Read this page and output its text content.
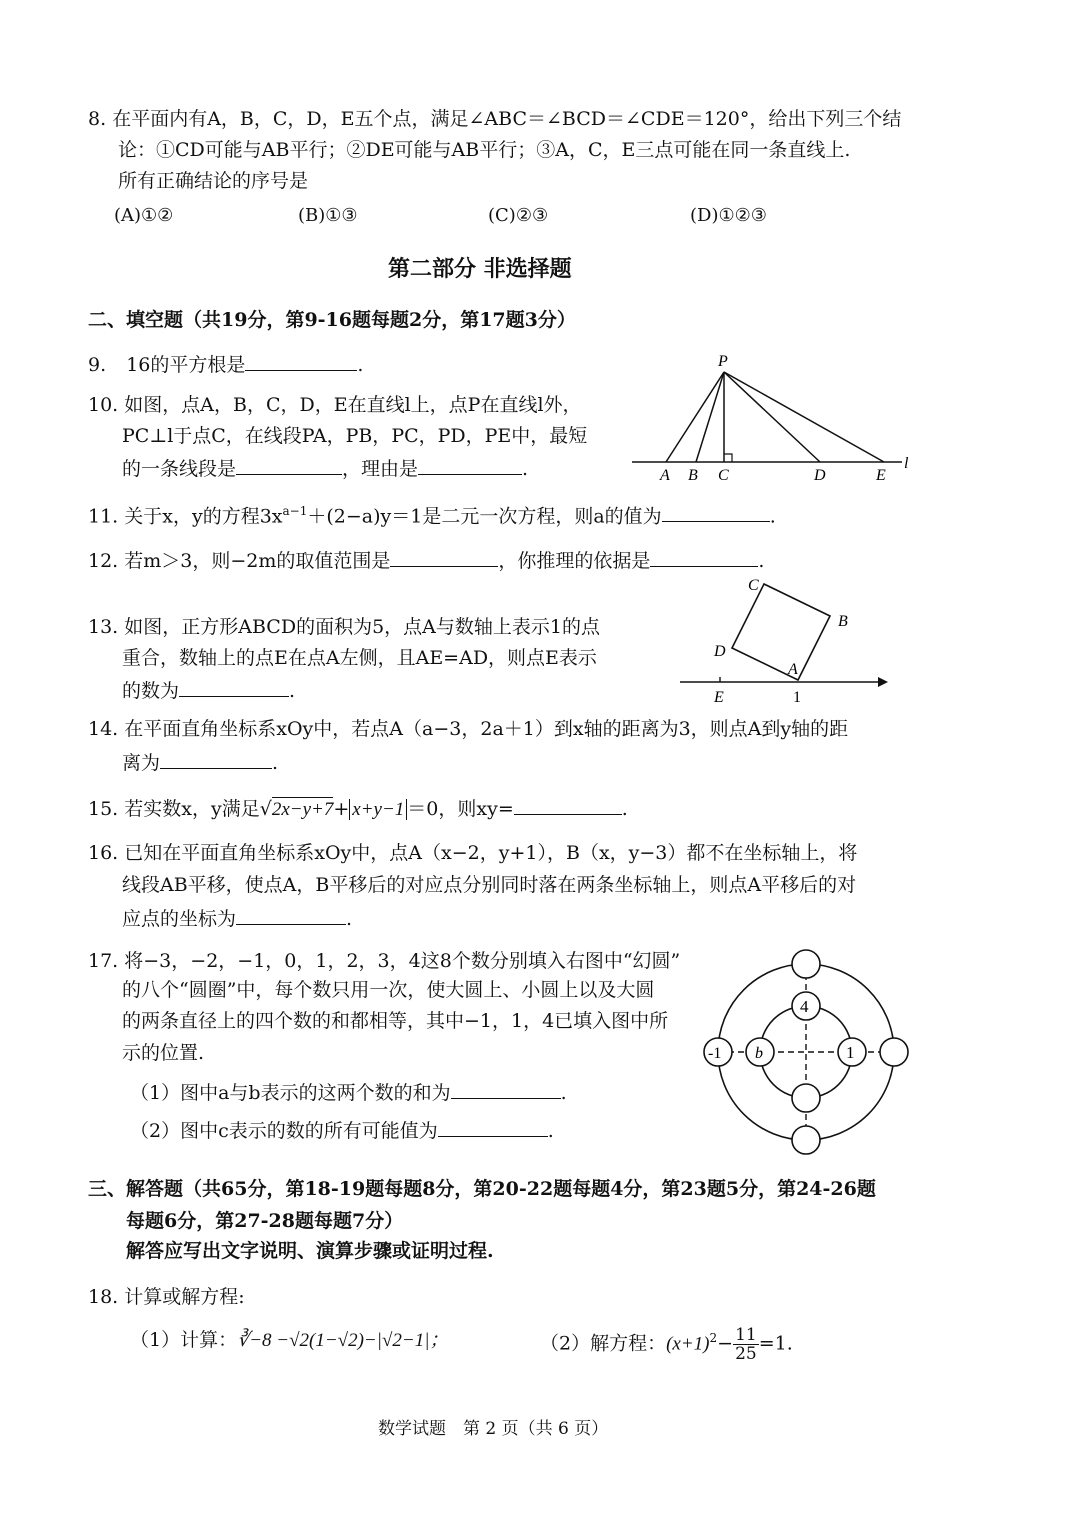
8. 在平面内有A，B，C，D，E五个点，满足∠ABC＝∠BCD＝∠CDE＝120°，给出下列三个结
论：①CD可能与AB平行；②DE可能与AB平行；③A，C，E三点可能在同一条直线上.
所有正确结论的序号是
(A)①②	(B)①③	(C)②③	(D)①②③
第二部分 非选择题
二、填空题（共19分，第9-16题每题2分，第17题3分）
9. 16的平方根是	.
10. 如图，点A，B，C，D，E在直线l上，点P在直线l外，
PC⊥l于点C，在线段PA，PB，PC，PD，PE中，最短
的一条线段是	，理由是	.
P
A B C	D	E
l
11. 关于x，y的方程$3x^{a-1}+(2-a)y=1$是二元一次方程，则a的值为	.
12. 若m＞3，则−2m的取值范围是	，你推理的依据是	.
13. 如图，正方形ABCD的面积为5，点A与数轴上表示1的点
重合，数轴上的点E在点A左侧，且AE=AD，则点E表示
的数为	.
C
B
D
A
E	1
14. 在平面直角坐标系xOy中，若点A（a−3，2a＋1）到x轴的距离为3，则点A到y轴的距
离为	.
15. 若实数x，y满足√2x−y+7+ x+y−1 ＝0，则xy=	.
16. 已知在平面直角坐标系xOy中，点A（x−2，y+1），B（x，y−3）都不在坐标轴上，将
线段AB平移，使点A，B平移后的对应点分别同时落在两条坐标轴上，则点A平移后的对
应点的坐标为	.
17. 将−3，−2，−1，0，1，2，3，4这8个数分别填入右图中“幻圆”
的八个“圆圈”中，每个数只用一次，使大圆上、小圆上以及大圆
的两条直径上的四个数的和都相等，其中−1，1，4已填入图中所
示的位置.
（1）图中a与b表示的这两个数的和为	.
（2）图中c表示的数的所有可能值为	.
4
-1	1
b
三、解答题（共65分，第18-19题每题8分，第20-22题每题4分，第23题5分，第24-26题
每题6分，第27-28题每题7分）
解答应写出文字说明、演算步骤或证明过程.
18. 计算或解方程:
（1）计算：∛−8 −√2(1−√2)−|√2−1|；	（2）解方程：$(x+1)^2- \frac{11}{25} =1$.
数学试题　第 2 页（共 6 页）
